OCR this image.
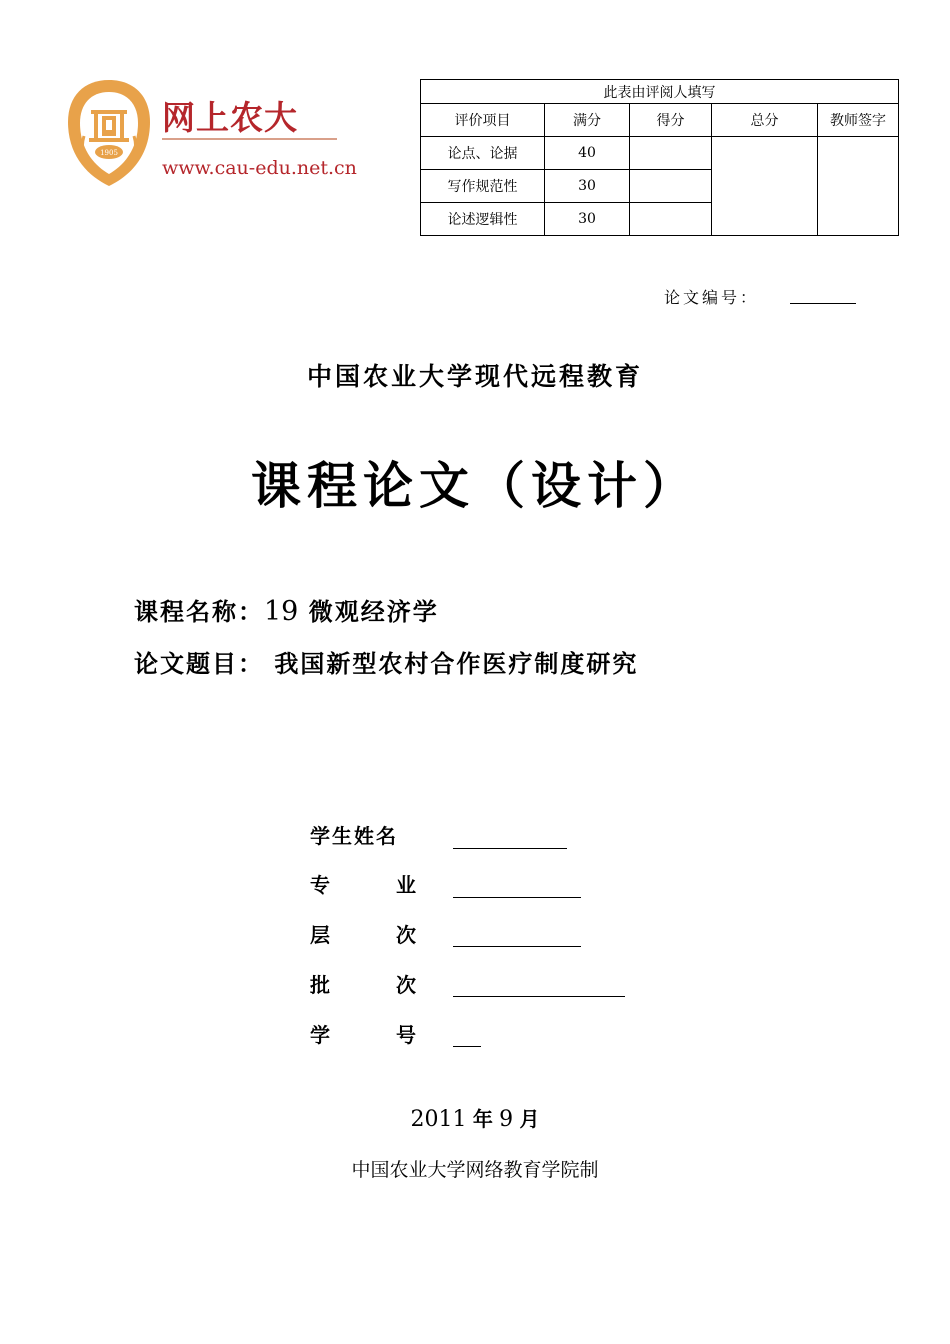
1905
网上农大
www.cau-edu.net.cn
此表由评阅人填写				
评价项目	满分	得分	总分	教师签字
论点、论据	40			
写作规范性	30			
论述逻辑性	30			
论文编号：
中国农业大学现代远程教育
课程论文（设计）
课程名称：19 微观经济学
论文题目： 我国新型农村合作医疗制度研究
学生姓名
专	业
层	次
批	次
学	号
2011 年 9 月
中国农业大学网络教育学院制
